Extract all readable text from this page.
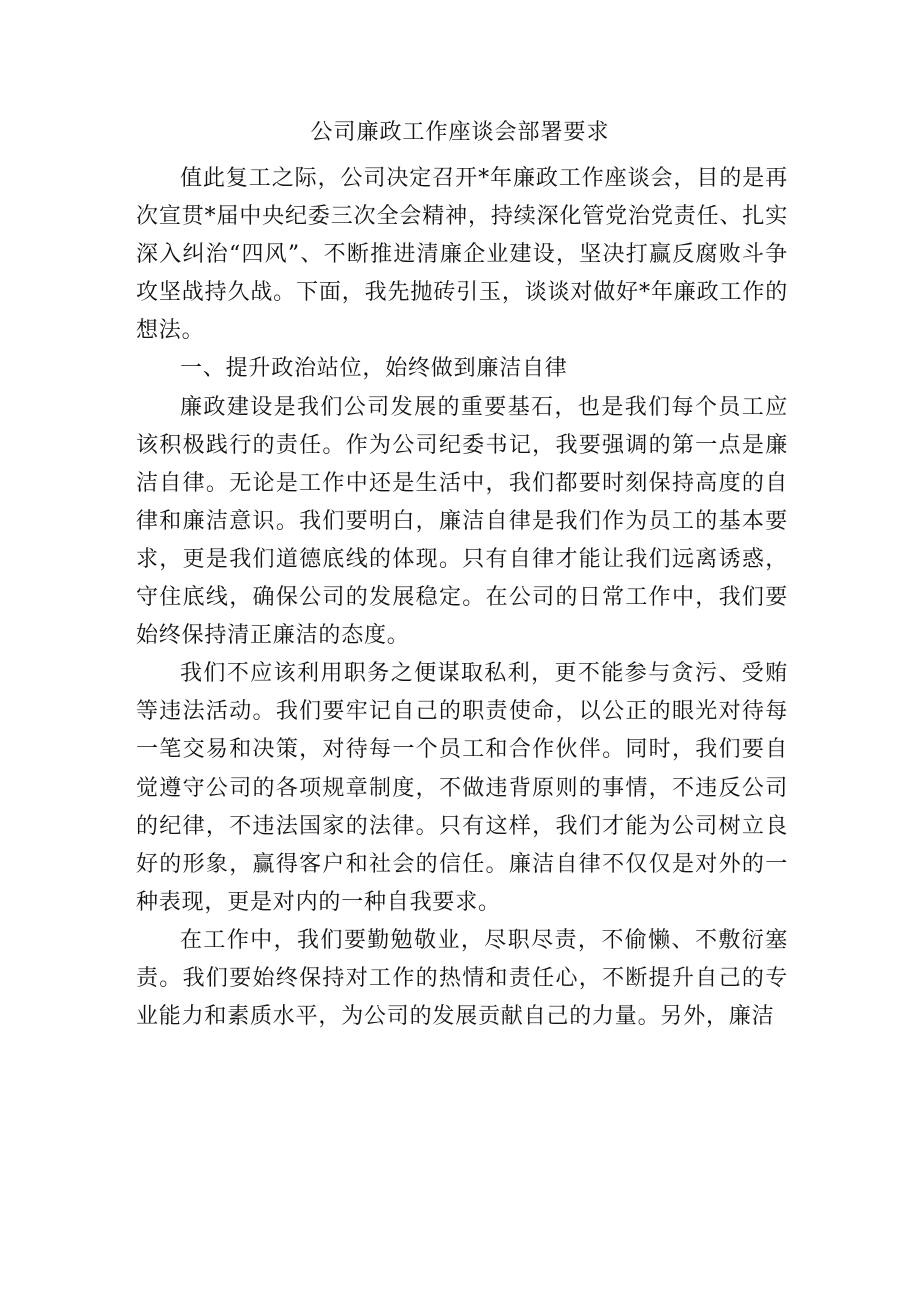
公司廉政工作座谈会部署要求

值此复工之际，公司决定召开*年廉政工作座谈会，目的是再次宣贯*届中央纪委三次全会精神，持续深化管党治党责任、扎实深入纠治“四风”、不断推进清廉企业建设，坚决打赢反腐败斗争攻坚战持久战。下面，我先抛砖引玉，谈谈对做好*年廉政工作的想法。

一、提升政治站位，始终做到廉洁自律

廉政建设是我们公司发展的重要基石，也是我们每个员工应该积极践行的责任。作为公司纪委书记，我要强调的第一点是廉洁自律。无论是工作中还是生活中，我们都要时刻保持高度的自律和廉洁意识。我们要明白，廉洁自律是我们作为员工的基本要求，更是我们道德底线的体现。只有自律才能让我们远离诱惑，守住底线，确保公司的发展稳定。在公司的日常工作中，我们要始终保持清正廉洁的态度。

我们不应该利用职务之便谋取私利，更不能参与贪污、受贿等违法活动。我们要牢记自己的职责使命，以公正的眼光对待每一笔交易和决策，对待每一个员工和合作伙伴。同时，我们要自觉遵守公司的各项规章制度，不做违背原则的事情，不违反公司的纪律，不违法国家的法律。只有这样，我们才能为公司树立良好的形象，赢得客户和社会的信任。廉洁自律不仅仅是对外的一种表现，更是对内的一种自我要求。

在工作中，我们要勤勉敬业，尽职尽责，不偷懒、不敷衍塞责。我们要始终保持对工作的热情和责任心，不断提升自己的专业能力和素质水平，为公司的发展贡献自己的力量。另外，廉洁
